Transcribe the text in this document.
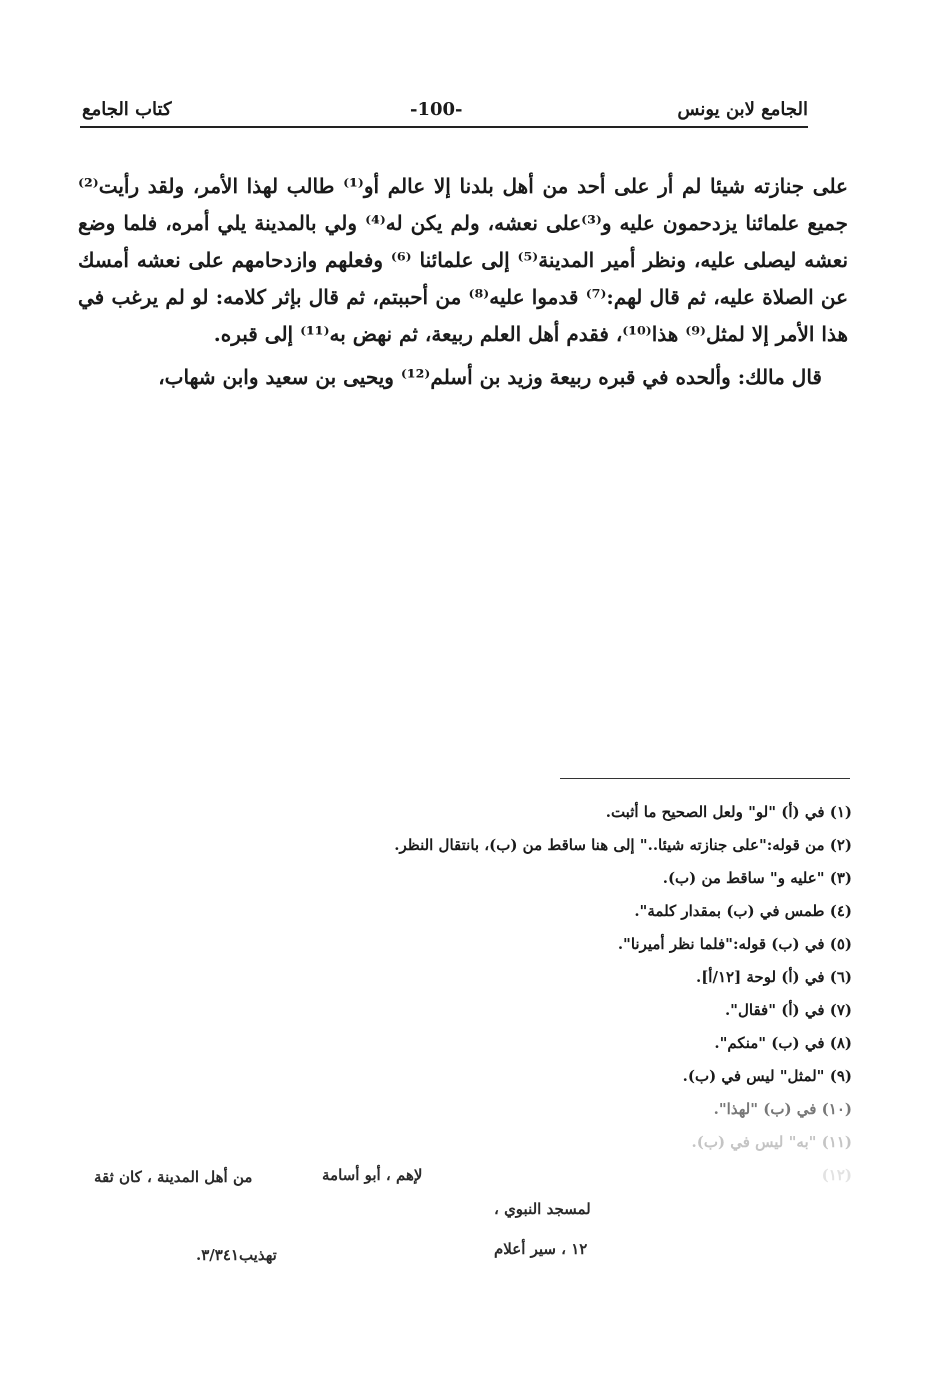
الجامع لابن يونس
-100-
كتاب الجامع

على جنازته شيئا لم أر على أحد من أهل بلدنا إلا عالم أو⁽¹⁾ طالب لهذا الأمر، ولقد رأيت⁽²⁾ جميع علمائنا يزدحمون عليه و⁽³⁾على نعشه، ولم يكن له⁽⁴⁾ ولي بالمدينة يلي أمره، فلما وضع نعشه ليصلى عليه، ونظر أمير المدينة⁽⁵⁾ إلى علمائنا ⁽⁶⁾ وفعلهم وازدحامهم على نعشه أمسك عن الصلاة عليه، ثم قال لهم:⁽⁷⁾ قدموا عليه⁽⁸⁾ من أحببتم، ثم قال بإثر كلامه: لو لم يرغب في هذا الأمر إلا لمثل⁽⁹⁾ هذا⁽¹⁰⁾، فقدم أهل العلم ربيعة، ثم نهض به⁽¹¹⁾ إلى قبره.

قال مالك: وألحده في قبره ربيعة وزيد بن أسلم⁽¹²⁾ ويحيى بن سعيد وابن شهاب،

(١) في (أ) "لو" ولعل الصحيح ما أثبت.
(٢) من قوله:"على جنازته شيئا.." إلى هنا ساقط من (ب)، بانتقال النظر.
(٣) "عليه و" ساقط من (ب).
(٤) طمس في (ب) بمقدار كلمة".
(٥) في (ب) قوله:"فلما نظر أميرنا".
(٦) في (أ) لوحة [١٢/أ].
(٧) في (أ) "فقال".
(٨) في (ب) "منكم".
(٩) "لمثل" ليس في (ب).
(١٠) في (ب) "لهذا".
(١١) "به" ليس في (ب).
(١٢)
لإهم ، أبو أسامة
لمسجد النبوي ،
١٢ ، سير أعلام
من أهل المدينة ، كان ثقة
تهذيب٣/٣٤١.
